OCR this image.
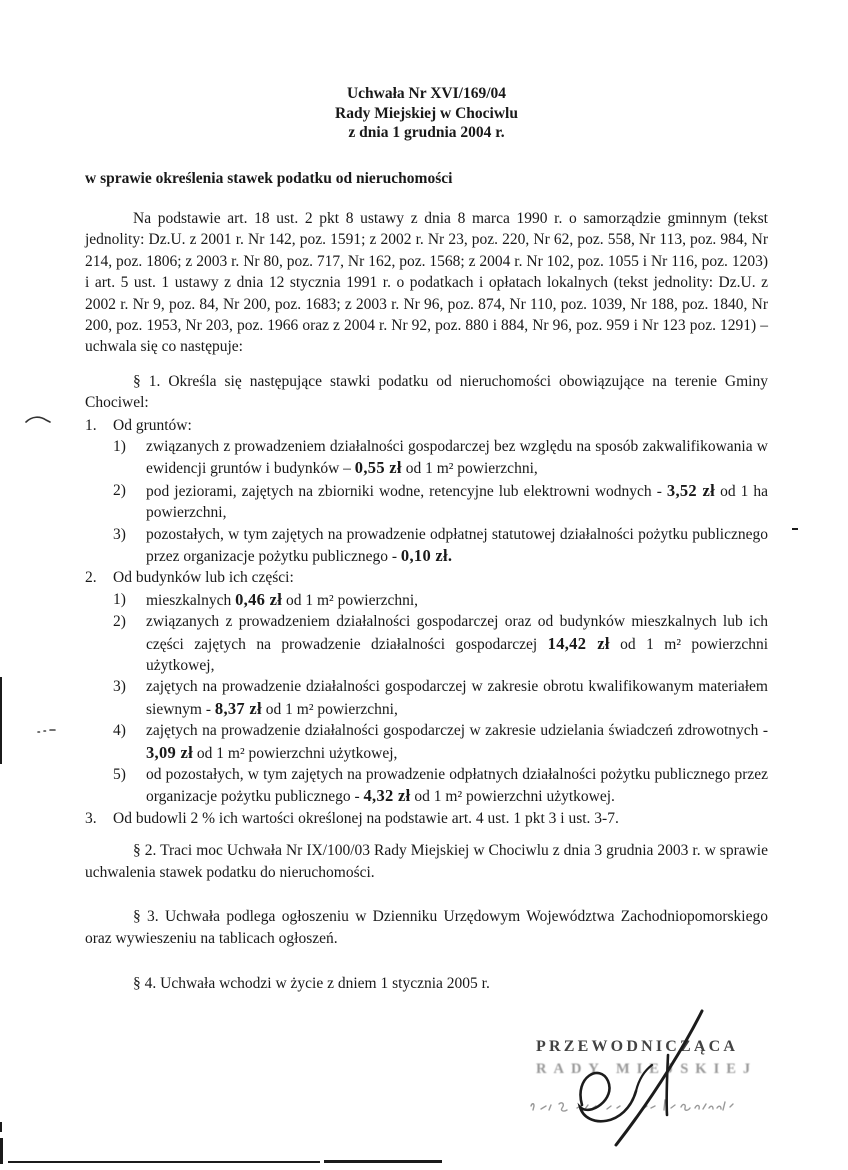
Uchwała Nr XVI/169/04
Rady Miejskiej w Chociwlu
z dnia 1 grudnia 2004 r.
w sprawie określenia stawek podatku od nieruchomości

Na podstawie art. 18 ust. 2 pkt 8 ustawy z dnia 8 marca 1990 r. o samorządzie gminnym (tekst jednolity: Dz.U. z 2001 r. Nr 142, poz. 1591; z 2002 r. Nr 23, poz. 220, Nr 62, poz. 558, Nr 113, poz. 984, Nr 214, poz. 1806; z 2003 r. Nr 80, poz. 717, Nr 162, poz. 1568; z 2004 r. Nr 102, poz. 1055 i Nr 116, poz. 1203) i art. 5 ust. 1 ustawy z dnia 12 stycznia 1991 r. o podatkach i opłatach lokalnych (tekst jednolity: Dz.U. z 2002 r. Nr 9, poz. 84, Nr 200, poz. 1683; z 2003 r. Nr 96, poz. 874, Nr 110, poz. 1039, Nr 188, poz. 1840, Nr 200, poz. 1953, Nr 203, poz. 1966 oraz z 2004 r. Nr 92, poz. 880 i 884, Nr 96, poz. 959 i Nr 123 poz. 1291) – uchwala się co następuje:

§ 1. Określa się następujące stawki podatku od nieruchomości obowiązujące na terenie Gminy Chociwel:

1.	Od gruntów:
1)	związanych z prowadzeniem działalności gospodarczej bez względu na sposób zakwalifikowania w ewidencji gruntów i budynków – 0,55 zł od 1 m² powierzchni,
2)	pod jeziorami, zajętych na zbiorniki wodne, retencyjne lub elektrowni wodnych - 3,52 zł od 1 ha powierzchni,
3)	pozostałych, w tym zajętych na prowadzenie odpłatnej statutowej działalności pożytku publicznego przez organizacje pożytku publicznego - 0,10 zł.
2.	Od budynków lub ich części:
1)	mieszkalnych 0,46 zł od 1 m² powierzchni,
2)	związanych z prowadzeniem działalności gospodarczej oraz od budynków mieszkalnych lub ich części zajętych na prowadzenie działalności gospodarczej 14,42 zł od 1 m² powierzchni użytkowej,
3)	zajętych na prowadzenie działalności gospodarczej w zakresie obrotu kwalifikowanym materiałem siewnym - 8,37 zł od 1 m² powierzchni,
4)	zajętych na prowadzenie działalności gospodarczej w zakresie udzielania świadczeń zdrowotnych - 3,09 zł od 1 m² powierzchni użytkowej,
5)	od pozostałych, w tym zajętych na prowadzenie odpłatnych działalności pożytku publicznego przez organizacje pożytku publicznego - 4,32 zł od 1 m² powierzchni użytkowej.
3.	Od budowli 2 % ich wartości określonej na podstawie art. 4 ust. 1 pkt 3 i ust. 3-7.

§ 2. Traci moc Uchwała Nr IX/100/03 Rady Miejskiej w Chociwlu z dnia 3 grudnia 2003 r. w sprawie uchwalenia stawek podatku do nieruchomości.

§ 3. Uchwała podlega ogłoszeniu w Dzienniku Urzędowym Województwa Zachodniopomorskiego oraz wywieszeniu na tablicach ogłoszeń.

§ 4. Uchwała wchodzi w życie z dniem 1 stycznia 2005 r.

PRZEWODNICZĄCA
RADY MIEJSKIEJ
